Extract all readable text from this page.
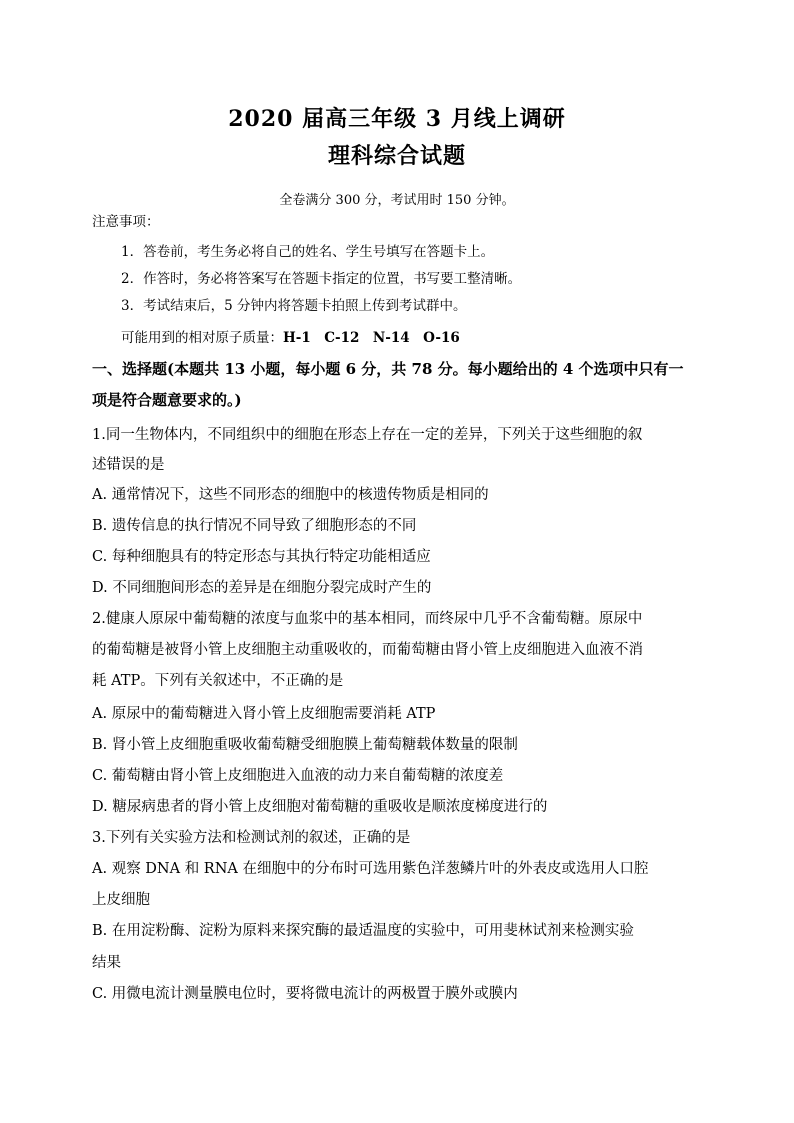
2020 届高三年级 3 月线上调研
理科综合试题
全卷满分 300 分，考试用时 150 分钟。
注意事项：
1．答卷前，考生务必将自己的姓名、学生号填写在答题卡上。
2．作答时，务必将答案写在答题卡指定的位置，书写要工整清晰。
3．考试结束后，5 分钟内将答题卡拍照上传到考试群中。
可能用到的相对原子质量：H-1　C-12　N-14　O-16
一、选择题(本题共 13 小题，每小题 6 分，共 78 分。每小题给出的 4 个选项中只有一
项是符合题意要求的。)
1.同一生物体内，不同组织中的细胞在形态上存在一定的差异，下列关于这些细胞的叙
述错误的是
A. 通常情况下，这些不同形态的细胞中的核遗传物质是相同的
B. 遗传信息的执行情况不同导致了细胞形态的不同
C. 每种细胞具有的特定形态与其执行特定功能相适应
D. 不同细胞间形态的差异是在细胞分裂完成时产生的
2.健康人原尿中葡萄糖的浓度与血浆中的基本相同，而终尿中几乎不含葡萄糖。原尿中
的葡萄糖是被肾小管上皮细胞主动重吸收的，而葡萄糖由肾小管上皮细胞进入血液不消
耗 ATP。下列有关叙述中，不正确的是
A. 原尿中的葡萄糖进入肾小管上皮细胞需要消耗 ATP
B. 肾小管上皮细胞重吸收葡萄糖受细胞膜上葡萄糖载体数量的限制
C. 葡萄糖由肾小管上皮细胞进入血液的动力来自葡萄糖的浓度差
D. 糖尿病患者的肾小管上皮细胞对葡萄糖的重吸收是顺浓度梯度进行的
3.下列有关实验方法和检测试剂的叙述，正确的是
A. 观察 DNA 和 RNA 在细胞中的分布时可选用紫色洋葱鳞片叶的外表皮或选用人口腔
上皮细胞
B. 在用淀粉酶、淀粉为原料来探究酶的最适温度的实验中，可用斐林试剂来检测实验
结果
C. 用微电流计测量膜电位时，要将微电流计的两极置于膜外或膜内
